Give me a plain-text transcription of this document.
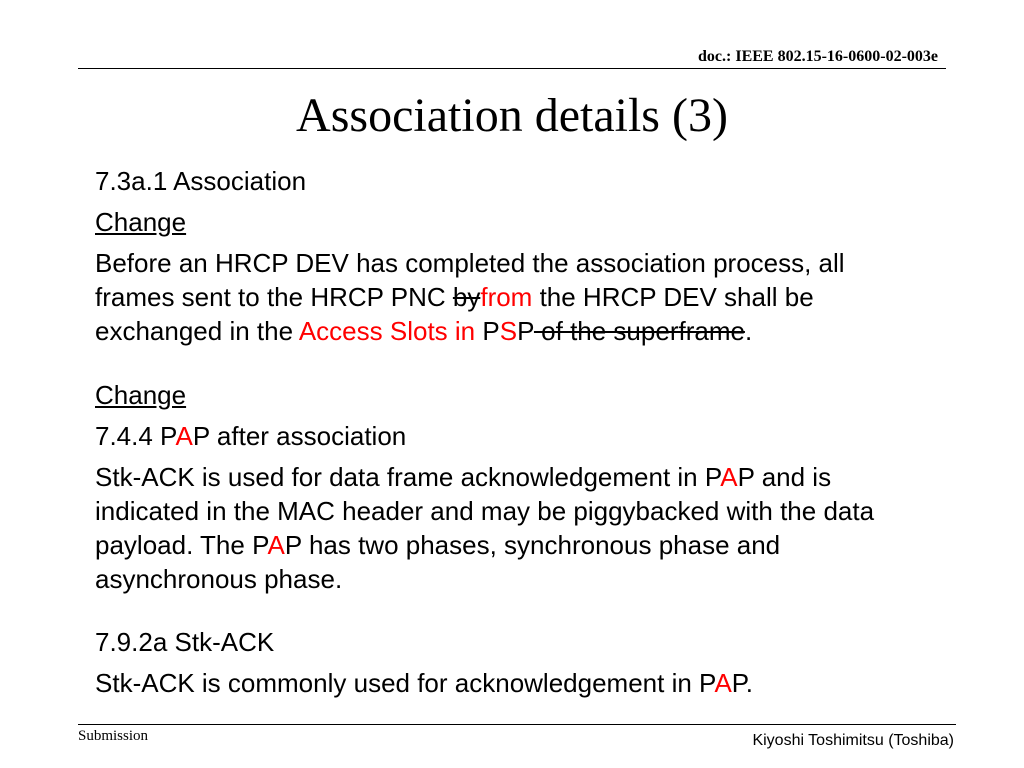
doc.: IEEE 802.15-16-0600-02-003e
Association details (3)

7.3a.1 Association

Change

Before an HRCP DEV has completed the association process, all

frames sent to the HRCP PNC byfrom the HRCP DEV shall be

exchanged in the Access Slots in PSP of the superframe.

Change

7.4.4 PAP after association

Stk-ACK is used for data frame acknowledgement in PAP and is

indicated in the MAC header and may be piggybacked with the data

payload. The PAP has two phases, synchronous phase and

asynchronous phase.

7.9.2a Stk-ACK

Stk-ACK is commonly used for acknowledgement in PAP.

Submission	Kiyoshi Toshimitsu (Toshiba)
